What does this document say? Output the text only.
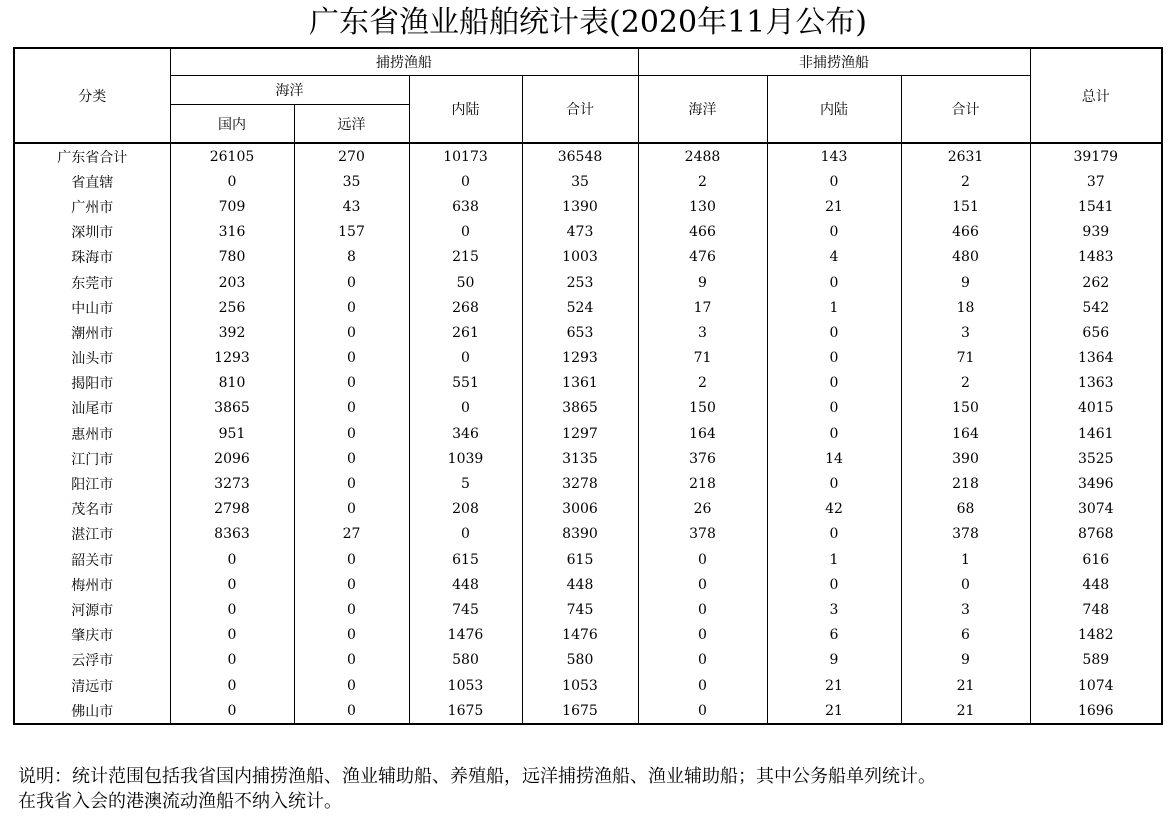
广东省渔业船舶统计表(2020年11月公布)
分类	捕捞渔船				非捕捞渔船			总计
	海洋		内陆	合计	海洋	内陆	合计	
	国内	远洋						
广东省合计	26105	270	10173	36548	2488	143	2631	39179
省直辖	0	35	0	35	2	0	2	37
广州市	709	43	638	1390	130	21	151	1541
深圳市	316	157	0	473	466	0	466	939
珠海市	780	8	215	1003	476	4	480	1483
东莞市	203	0	50	253	9	0	9	262
中山市	256	0	268	524	17	1	18	542
潮州市	392	0	261	653	3	0	3	656
汕头市	1293	0	0	1293	71	0	71	1364
揭阳市	810	0	551	1361	2	0	2	1363
汕尾市	3865	0	0	3865	150	0	150	4015
惠州市	951	0	346	1297	164	0	164	1461
江门市	2096	0	1039	3135	376	14	390	3525
阳江市	3273	0	5	3278	218	0	218	3496
茂名市	2798	0	208	3006	26	42	68	3074
湛江市	8363	27	0	8390	378	0	378	8768
韶关市	0	0	615	615	0	1	1	616
梅州市	0	0	448	448	0	0	0	448
河源市	0	0	745	745	0	3	3	748
肇庆市	0	0	1476	1476	0	6	6	1482
云浮市	0	0	580	580	0	9	9	589
清远市	0	0	1053	1053	0	21	21	1074
佛山市	0	0	1675	1675	0	21	21	1696
说明：统计范围包括我省国内捕捞渔船、渔业辅助船、养殖船，远洋捕捞渔船、渔业辅助船；其中公务船单列统计。
在我省入会的港澳流动渔船不纳入统计。
